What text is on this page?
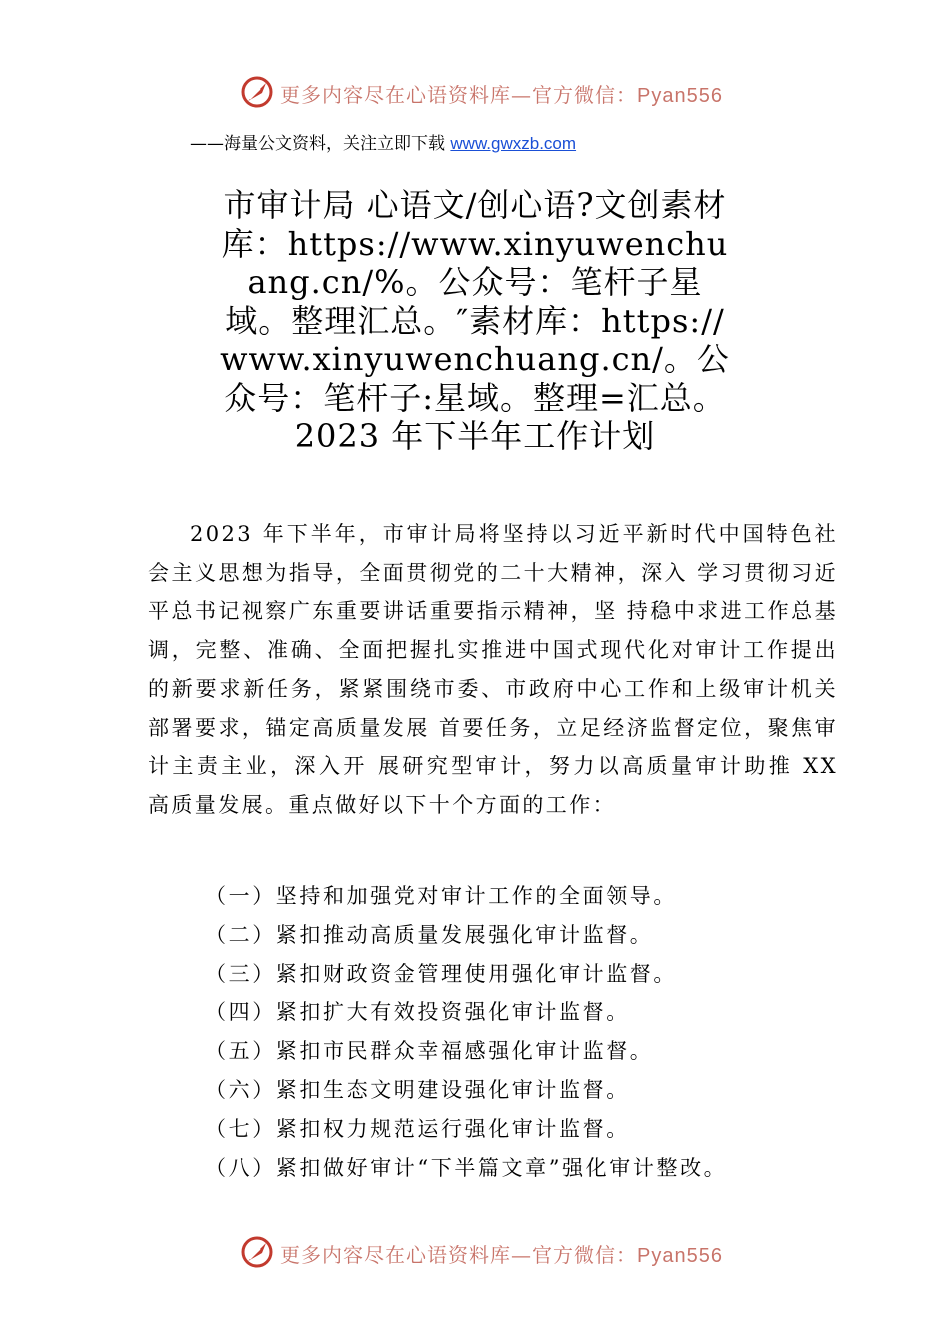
更多内容尽在心语资料库—官方微信：Pyan556
——海量公文资料，关注立即下载 www.gwxzb.com
市审计局 心语文/创心语?文创素材库：https://www.xinyuwenchuang.cn/%。公众号：笔杆子星域。整理汇总。″素材库：https://www.xinyuwenchuang.cn/。公众号：笔杆子:星域。整理=汇总。 2023 年下半年工作计划
2023 年下半年，市审计局将坚持以习近平新时代中国特色社会主义思想为指导，全面贯彻党的二十大精神，深入 学习贯彻习近平总书记视察广东重要讲话重要指示精神，坚 持稳中求进工作总基调，完整、准确、全面把握扎实推进中国式现代化对审计工作提出的新要求新任务，紧紧围绕市委、市政府中心工作和上级审计机关部署要求，锚定高质量发展 首要任务，立足经济监督定位，聚焦审计主责主业，深入开 展研究型审计，努力以高质量审计助推 XX 高质量发展。重点做好以下十个方面的工作：
（一）坚持和加强党对审计工作的全面领导。
（二）紧扣推动高质量发展强化审计监督。
（三）紧扣财政资金管理使用强化审计监督。
（四）紧扣扩大有效投资强化审计监督。
（五）紧扣市民群众幸福感强化审计监督。
（六）紧扣生态文明建设强化审计监督。
（七）紧扣权力规范运行强化审计监督。
（八）紧扣做好审计“下半篇文章”强化审计整改。
更多内容尽在心语资料库—官方微信：Pyan556
